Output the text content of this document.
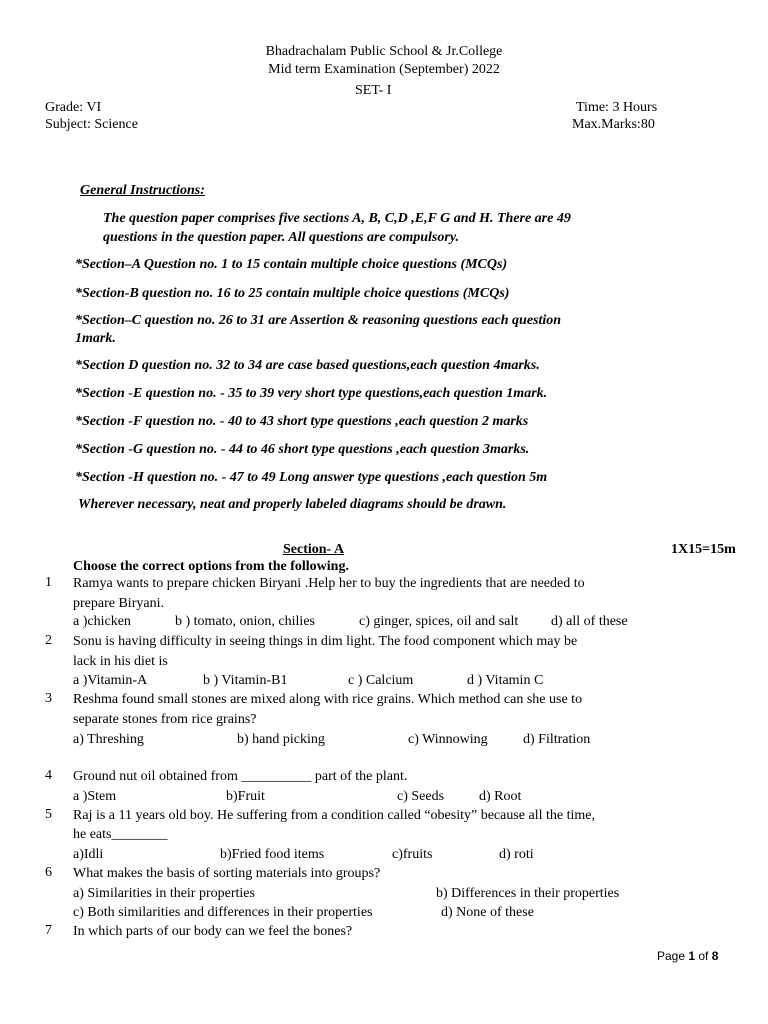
Bhadrachalam Public School & Jr.College
Mid term Examination (September) 2022
SET- I
Grade: VI	Time: 3 Hours
Subject: Science	Max.Marks:80
General Instructions:
The question paper comprises five sections A, B, C,D ,E,F G and H. There are 49
questions in the question paper. All questions are compulsory.
*Section–A Question no. 1 to 15 contain multiple choice questions (MCQs)
*Section-B question no. 16 to 25 contain multiple choice questions (MCQs)
*Section–C question no. 26 to 31 are Assertion & reasoning questions each question
1mark.
*Section D question no. 32 to 34 are case based questions,each question 4marks.
*Section -E question no. - 35 to 39 very short type questions,each question 1mark.
*Section -F question no. - 40 to 43 short type questions ,each question 2 marks
*Section -G question no. - 44 to 46 short type questions ,each question 3marks.
*Section -H question no. - 47 to 49 Long answer type questions ,each question 5m
Wherever necessary, neat and properly labeled diagrams should be drawn.
Section- A	1X15=15m
Choose the correct options from the following.
1 Ramya wants to prepare chicken Biryani .Help her to buy the ingredients that are needed to
prepare Biryani.
a )chicken	b ) tomato, onion, chilies	c) ginger, spices, oil and salt d) all of these
2 Sonu is having difficulty in seeing things in dim light. The food component which may be
lack in his diet is
a )Vitamin-A	b ) Vitamin-B1	c ) Calcium	d ) Vitamin C
3 Reshma found small stones are mixed along with rice grains. Which method can she use to
separate stones from rice grains?
a) Threshing	b) hand picking	c) Winnowing	d) Filtration
4 Ground nut oil obtained from __________ part of the plant.
a )Stem	b)Fruit	c) Seeds d) Root
5 Raj is a 11 years old boy. He suffering from a condition called “obesity” because all the time,
he eats________
a)Idli	b)Fried food items	c)fruits	d) roti
6 What makes the basis of sorting materials into groups?
a) Similarities in their properties	b) Differences in their properties
c) Both similarities and differences in their properties	d) None of these
7 In which parts of our body can we feel the bones?
Page 1 of 8
